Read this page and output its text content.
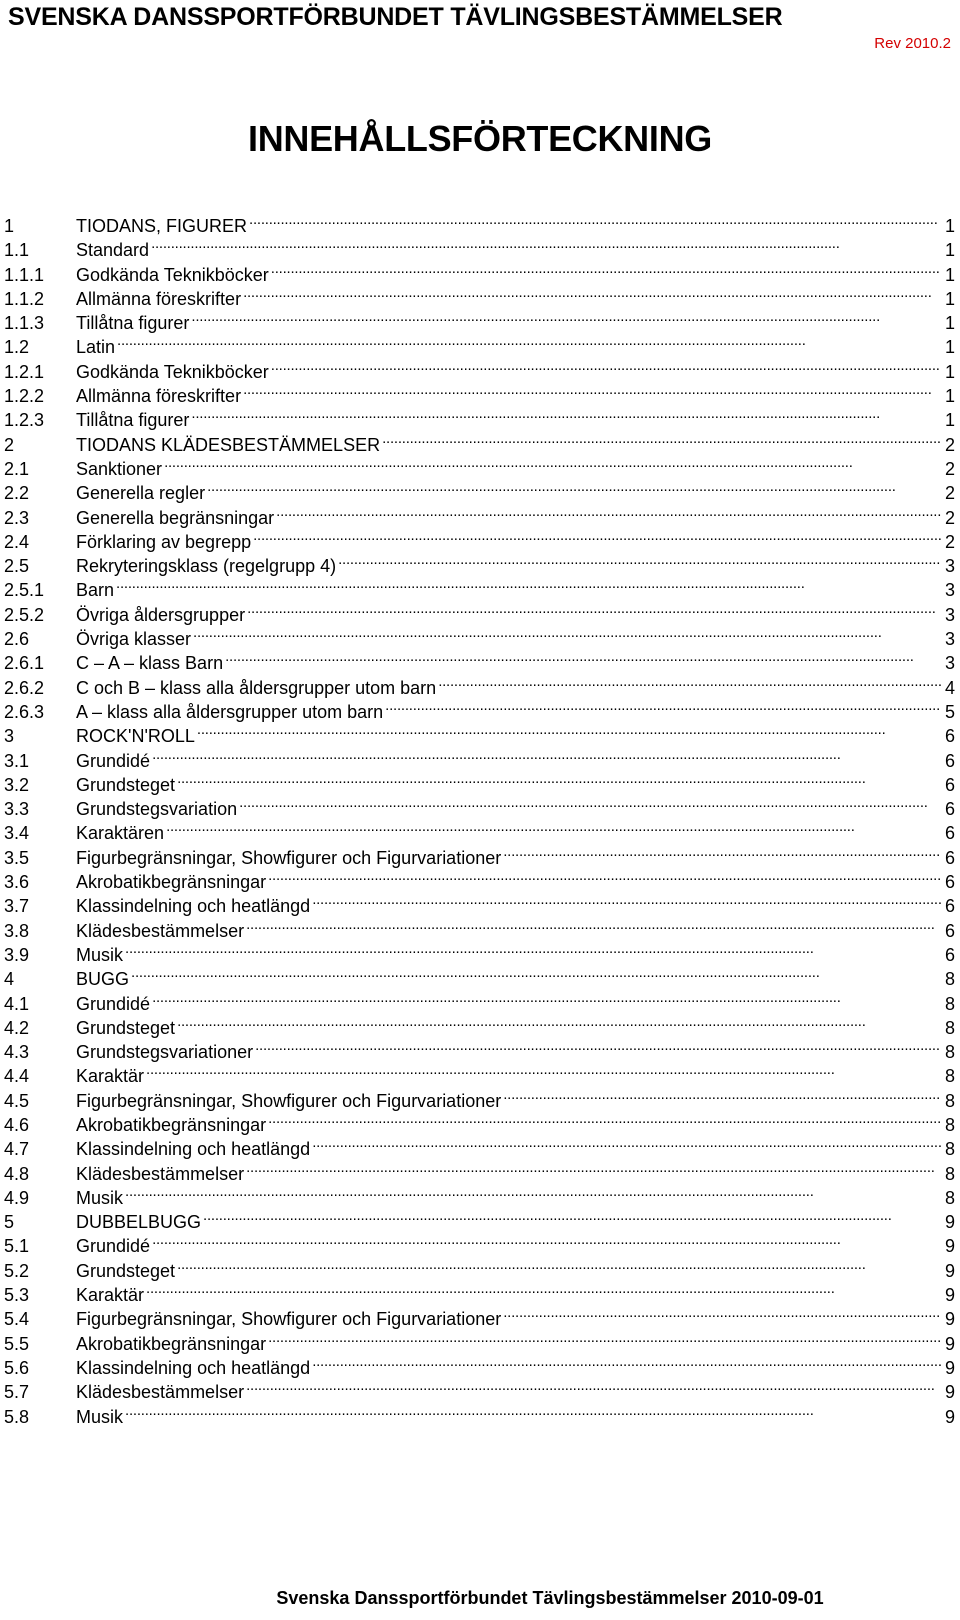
SVENSKA DANSSPORTFÖRBUNDET TÄVLINGSBESTÄMMELSER
Rev 2010.2
INNEHÅLLSFÖRTECKNING
1	TIODANS, FIGURER . . .	1
1.1	Standard . . .	1
1.1.1	Godkända Teknikböcker . . .	1
1.1.2	Allmänna föreskrifter . . .	1
1.1.3	Tillåtna figurer . . .	1
1.2	Latin . . .	1
1.2.1	Godkända Teknikböcker . . .	1
1.2.2	Allmänna föreskrifter . . .	1
1.2.3	Tillåtna figurer . . .	1
2	TIODANS KLÄDESBESTÄMMELSER . . .	2
2.1	Sanktioner . . .	2
2.2	Generella regler . . .	2
2.3	Generella begränsningar . . .	2
2.4	Förklaring av begrepp . . .	2
2.5	Rekryteringsklass (regelgrupp 4) . . .	3
2.5.1	Barn . . .	3
2.5.2	Övriga åldersgrupper . . .	3
2.6	Övriga klasser . . .	3
2.6.1	C – A – klass Barn . . .	3
2.6.2	C och B – klass alla åldersgrupper utom barn . . .	4
2.6.3	A – klass alla åldersgrupper utom barn . . .	5
3	ROCK'N'ROLL . . .	6
3.1	Grundidé . . .	6
3.2	Grundsteget . . .	6
3.3	Grundstegsvariation . . .	6
3.4	Karaktären . . .	6
3.5	Figurbegränsningar, Showfigurer och Figurvariationer . . .	6
3.6	Akrobatikbegränsningar . . .	6
3.7	Klassindelning och heatlängd . . .	6
3.8	Klädesbestämmelser . . .	6
3.9	Musik . . .	6
4	BUGG . . .	8
4.1	Grundidé . . .	8
4.2	Grundsteget . . .	8
4.3	Grundstegsvariationer . . .	8
4.4	Karaktär . . .	8
4.5	Figurbegränsningar, Showfigurer och Figurvariationer . . .	8
4.6	Akrobatikbegränsningar . . .	8
4.7	Klassindelning och heatlängd . . .	8
4.8	Klädesbestämmelser . . .	8
4.9	Musik . . .	8
5	DUBBELBUGG . . .	9
5.1	Grundidé . . .	9
5.2	Grundsteget . . .	9
5.3	Karaktär . . .	9
5.4	Figurbegränsningar, Showfigurer och Figurvariationer . . .	9
5.5	Akrobatikbegränsningar . . .	9
5.6	Klassindelning och heatlängd . . .	9
5.7	Klädesbestämmelser . . .	9
5.8	Musik . . .	9
Svenska Danssportförbundet Tävlingsbestämmelser 2010-09-01
